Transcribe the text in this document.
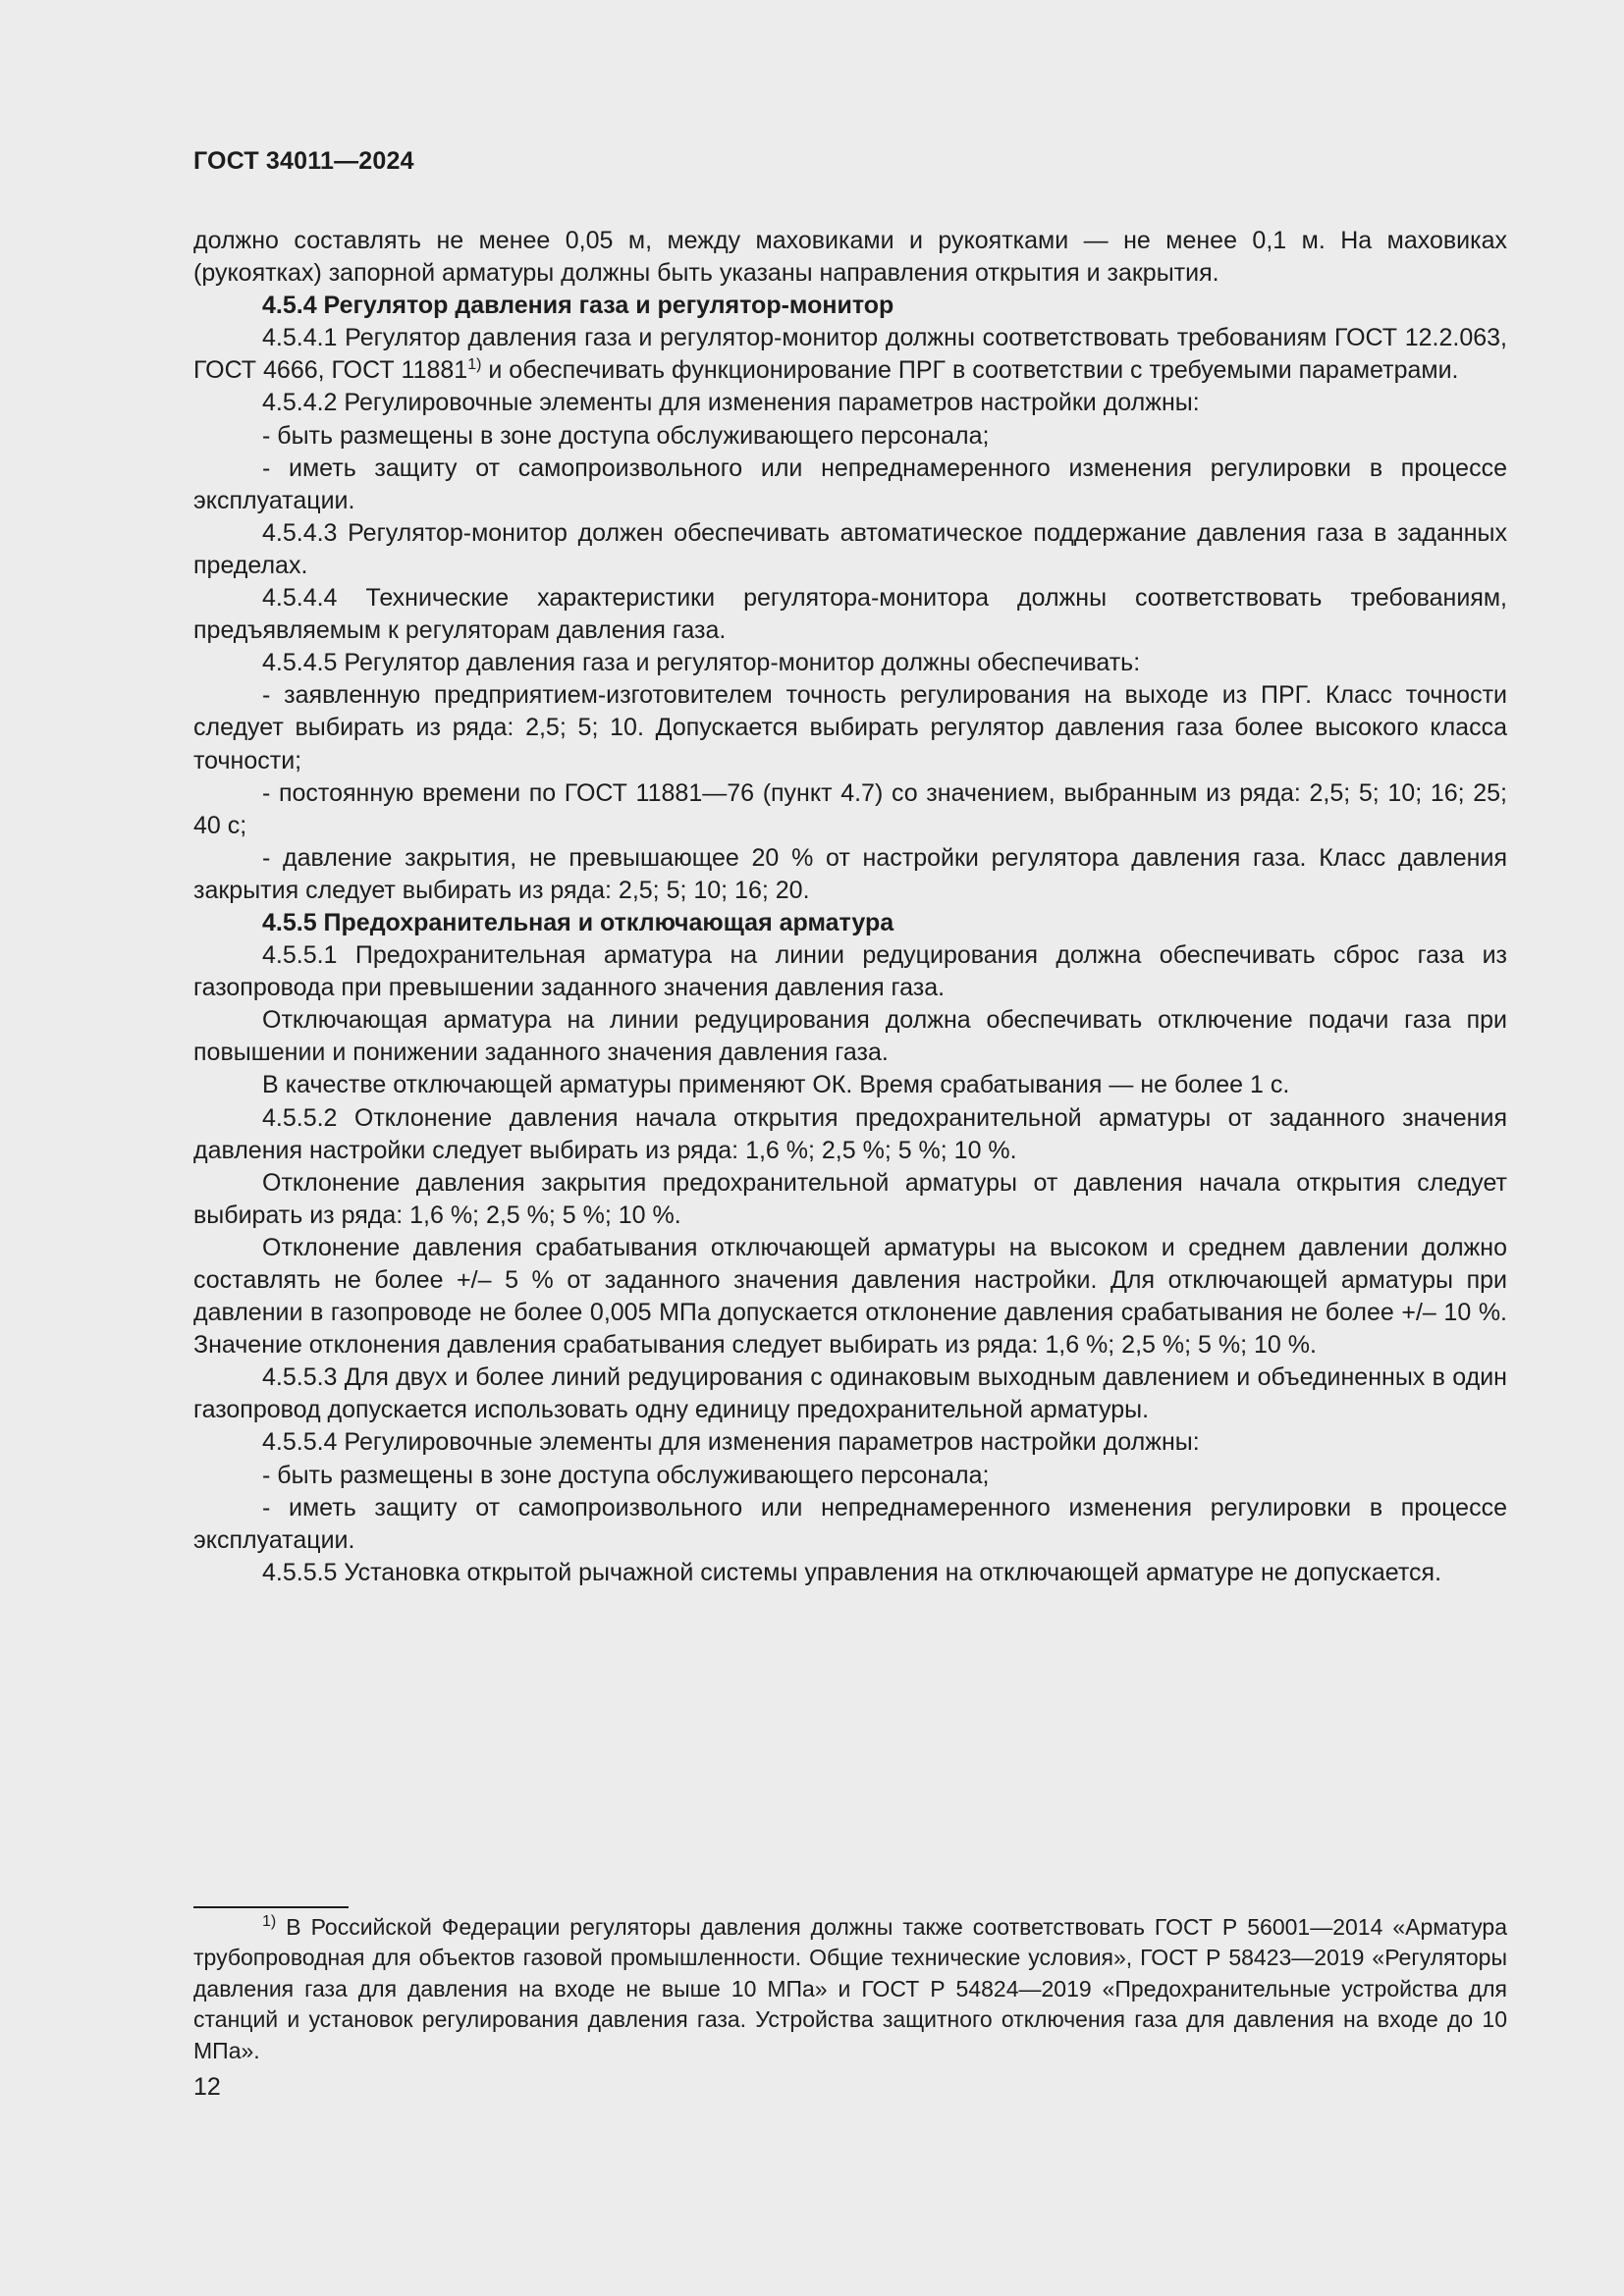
ГОСТ 34011—2024

должно составлять не менее 0,05 м, между маховиками и рукоятками — не менее 0,1 м. На маховиках (рукоятках) запорной арматуры должны быть указаны направления открытия и закрытия.

4.5.4 Регулятор давления газа и регулятор-монитор

4.5.4.1 Регулятор давления газа и регулятор-монитор должны соответствовать требованиям ГОСТ 12.2.063, ГОСТ 4666, ГОСТ 11881$^{1)}$ и обеспечивать функционирование ПРГ в соответствии с требуемыми параметрами.

4.5.4.2 Регулировочные элементы для изменения параметров настройки должны:

- быть размещены в зоне доступа обслуживающего персонала;

- иметь защиту от самопроизвольного или непреднамеренного изменения регулировки в процессе эксплуатации.

4.5.4.3 Регулятор-монитор должен обеспечивать автоматическое поддержание давления газа в заданных пределах.

4.5.4.4 Технические характеристики регулятора-монитора должны соответствовать требованиям, предъявляемым к регуляторам давления газа.

4.5.4.5 Регулятор давления газа и регулятор-монитор должны обеспечивать:

- заявленную предприятием-изготовителем точность регулирования на выходе из ПРГ. Класс точности следует выбирать из ряда: 2,5; 5; 10. Допускается выбирать регулятор давления газа более высокого класса точности;

- постоянную времени по ГОСТ 11881—76 (пункт 4.7) со значением, выбранным из ряда: 2,5; 5; 10; 16; 25; 40 с;

- давление закрытия, не превышающее 20 % от настройки регулятора давления газа. Класс давления закрытия следует выбирать из ряда: 2,5; 5; 10; 16; 20.

4.5.5 Предохранительная и отключающая арматура

4.5.5.1 Предохранительная арматура на линии редуцирования должна обеспечивать сброс газа из газопровода при превышении заданного значения давления газа.

Отключающая арматура на линии редуцирования должна обеспечивать отключение подачи газа при повышении и понижении заданного значения давления газа.

В качестве отключающей арматуры применяют ОК. Время срабатывания — не более 1 с.

4.5.5.2 Отклонение давления начала открытия предохранительной арматуры от заданного значения давления настройки следует выбирать из ряда: 1,6 %; 2,5 %; 5 %; 10 %.

Отклонение давления закрытия предохранительной арматуры от давления начала открытия следует выбирать из ряда: 1,6 %; 2,5 %; 5 %; 10 %.

Отклонение давления срабатывания отключающей арматуры на высоком и среднем давлении должно составлять не более +/– 5 % от заданного значения давления настройки. Для отключающей арматуры при давлении в газопроводе не более 0,005 МПа допускается отклонение давления срабатывания не более +/– 10 %. Значение отклонения давления срабатывания следует выбирать из ряда: 1,6 %; 2,5 %; 5 %; 10 %.

4.5.5.3 Для двух и более линий редуцирования с одинаковым выходным давлением и объединенных в один газопровод допускается использовать одну единицу предохранительной арматуры.

4.5.5.4 Регулировочные элементы для изменения параметров настройки должны:

- быть размещены в зоне доступа обслуживающего персонала;

- иметь защиту от самопроизвольного или непреднамеренного изменения регулировки в процессе эксплуатации.

4.5.5.5 Установка открытой рычажной системы управления на отключающей арматуре не допускается.

$^{1)}$ В Российской Федерации регуляторы давления должны также соответствовать ГОСТ Р 56001—2014 «Арматура трубопроводная для объектов газовой промышленности. Общие технические условия», ГОСТ Р 58423—2019 «Регуляторы давления газа для давления на входе не выше 10 МПа» и ГОСТ Р 54824—2019 «Предохранительные устройства для станций и установок регулирования давления газа. Устройства защитного отключения газа для давления на входе до 10 МПа».
12
